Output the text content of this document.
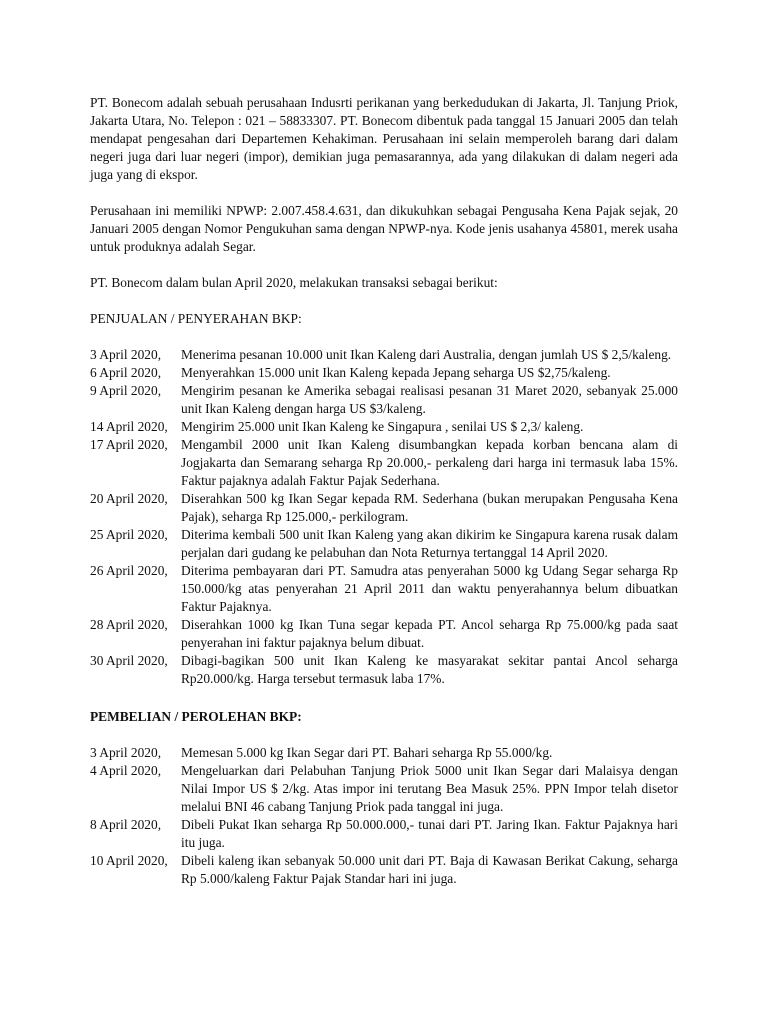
PT. Bonecom adalah sebuah perusahaan Indusrti perikanan yang berkedudukan di Jakarta, Jl. Tanjung Priok, Jakarta Utara, No. Telepon : 021 – 58833307. PT. Bonecom dibentuk pada tanggal 15 Januari 2005 dan telah mendapat pengesahan dari Departemen Kehakiman. Perusahaan ini selain memperoleh barang dari dalam negeri juga dari luar negeri (impor), demikian juga pemasarannya, ada yang dilakukan di dalam negeri ada juga yang di ekspor.

Perusahaan ini memiliki NPWP: 2.007.458.4.631, dan dikukuhkan sebagai Pengusaha Kena Pajak sejak, 20 Januari 2005 dengan Nomor Pengukuhan sama dengan NPWP-nya. Kode jenis usahanya 45801, merek usaha untuk produknya adalah Segar.

PT. Bonecom dalam bulan April 2020, melakukan transaksi sebagai berikut:

PENJUALAN / PENYERAHAN BKP:

3 April 2020,	Menerima pesanan 10.000 unit Ikan Kaleng dari Australia, dengan jumlah US $ 2,5/kaleng.
6 April 2020,	Menyerahkan 15.000 unit Ikan Kaleng kepada Jepang seharga US $2,75/kaleng.
9 April 2020,	Mengirim pesanan ke Amerika sebagai realisasi pesanan 31 Maret 2020, sebanyak 25.000 unit Ikan Kaleng dengan harga US $3/kaleng.
14 April 2020, Mengirim 25.000 unit Ikan Kaleng ke Singapura , senilai US $ 2,3/ kaleng.
17 April 2020, Mengambil 2000 unit Ikan Kaleng disumbangkan kepada korban bencana alam di Jogjakarta dan Semarang seharga Rp 20.000,- perkaleng dari harga ini termasuk laba 15%. Faktur pajaknya adalah Faktur Pajak Sederhana.
20 April 2020, Diserahkan 500 kg Ikan Segar kepada RM. Sederhana (bukan merupakan Pengusaha Kena Pajak), seharga Rp 125.000,- perkilogram.
25 April 2020, Diterima kembali 500 unit Ikan Kaleng yang akan dikirim ke Singapura karena rusak dalam perjalan dari gudang ke pelabuhan dan Nota Returnya tertanggal 14 April 2020.
26 April 2020, Diterima pembayaran dari PT. Samudra atas penyerahan 5000 kg Udang Segar seharga Rp 150.000/kg atas penyerahan 21 April 2011 dan waktu penyerahannya belum dibuatkan Faktur Pajaknya.
28 April 2020, Diserahkan 1000 kg Ikan Tuna segar kepada PT. Ancol seharga Rp 75.000/kg pada saat penyerahan ini faktur pajaknya belum dibuat.
30 April 2020, Dibagi-bagikan 500 unit Ikan Kaleng ke masyarakat sekitar pantai Ancol seharga Rp20.000/kg. Harga tersebut termasuk laba 17%.

PEMBELIAN / PEROLEHAN BKP:

3 April 2020,	Memesan 5.000 kg Ikan Segar dari PT. Bahari seharga Rp 55.000/kg.
4 April 2020,	Mengeluarkan dari Pelabuhan Tanjung Priok 5000 unit Ikan Segar dari Malaisya dengan Nilai Impor US $ 2/kg. Atas impor ini terutang Bea Masuk 25%. PPN Impor telah disetor melalui BNI 46 cabang Tanjung Priok pada tanggal ini juga.
8 April 2020,	Dibeli Pukat Ikan seharga Rp 50.000.000,- tunai dari PT. Jaring Ikan. Faktur Pajaknya hari itu juga.
10 April 2020, Dibeli kaleng ikan sebanyak 50.000 unit dari PT. Baja di Kawasan Berikat Cakung, seharga Rp 5.000/kaleng Faktur Pajak Standar hari ini juga.
